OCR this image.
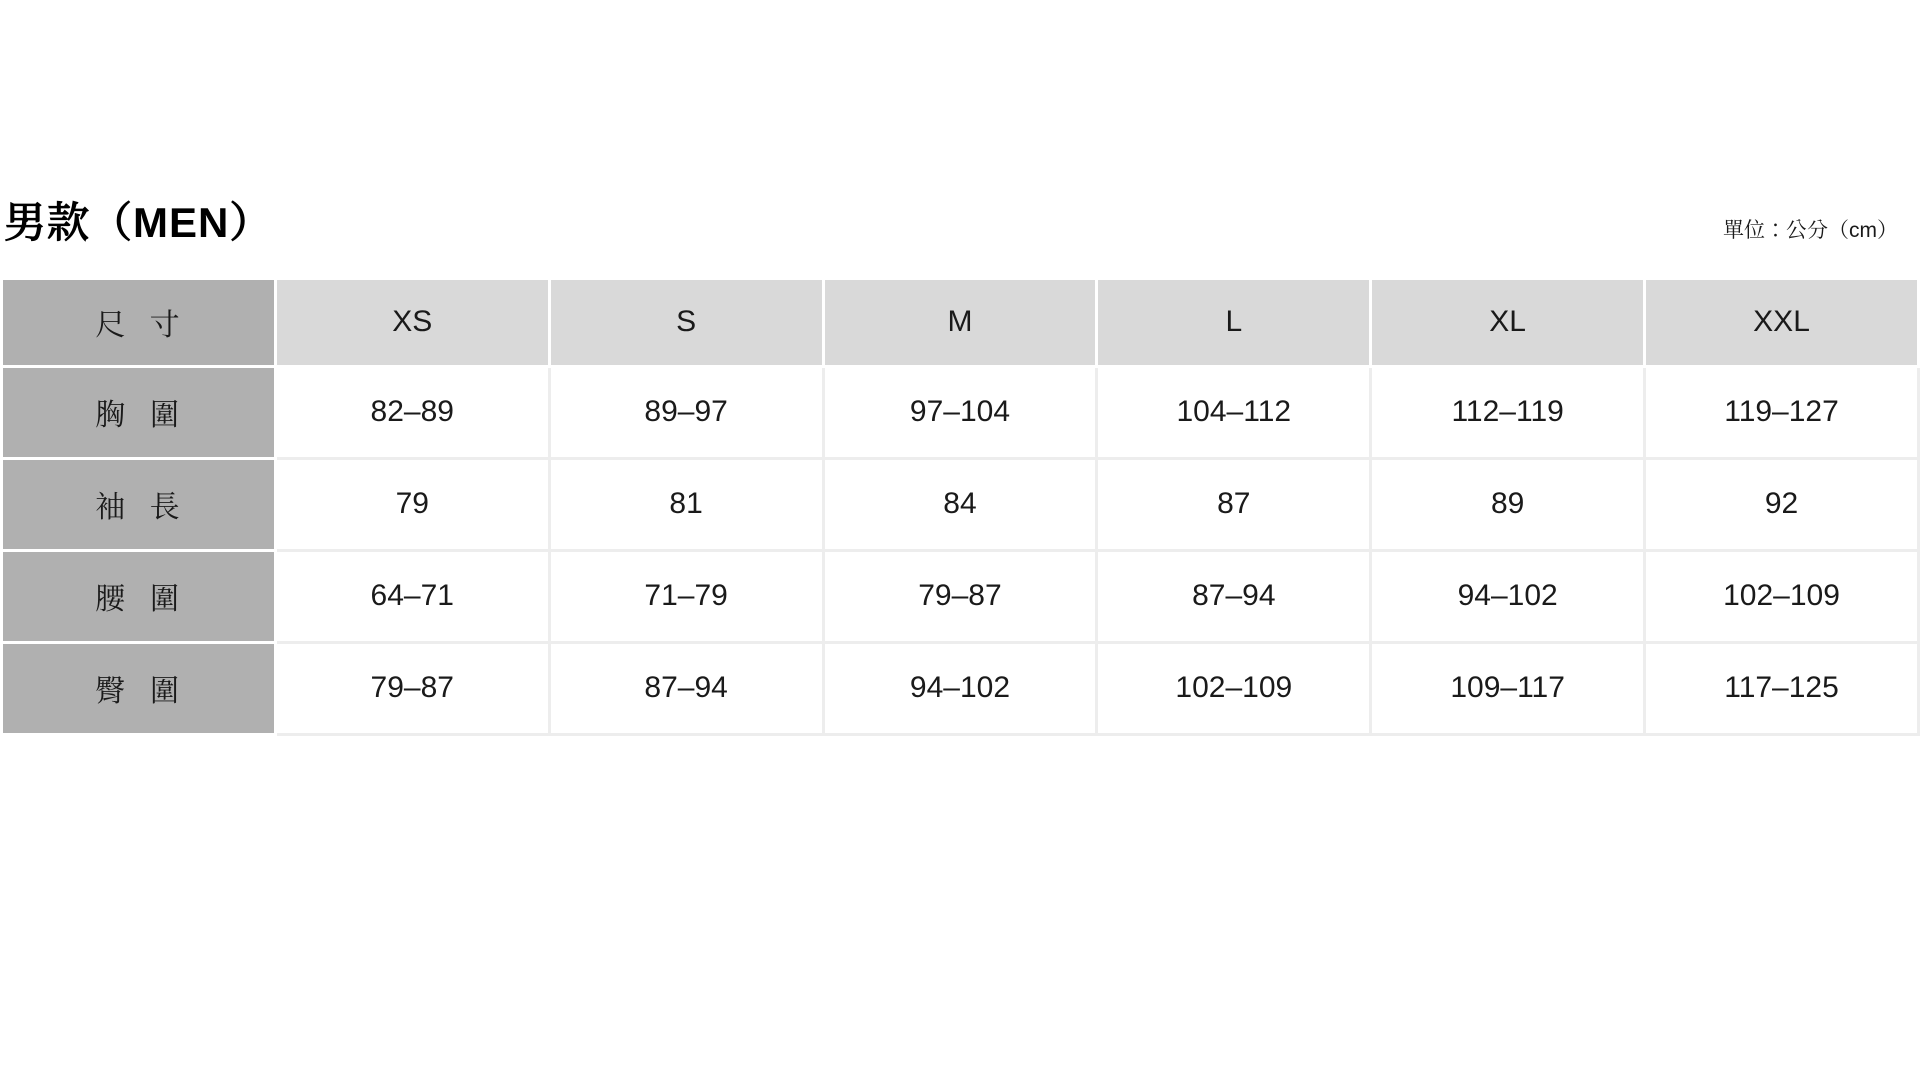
男款（MEN）	單位：公分（cm）
尺 寸	XS	S	M	L	XL	XXL
胸 圍	82–89	89–97	97–104	104–112	112–119	119–127
袖 長	79	81	84	87	89	92
腰 圍	64–71	71–79	79–87	87–94	94–102	102–109
臀 圍	79–87	87–94	94–102	102–109	109–117	117–125
